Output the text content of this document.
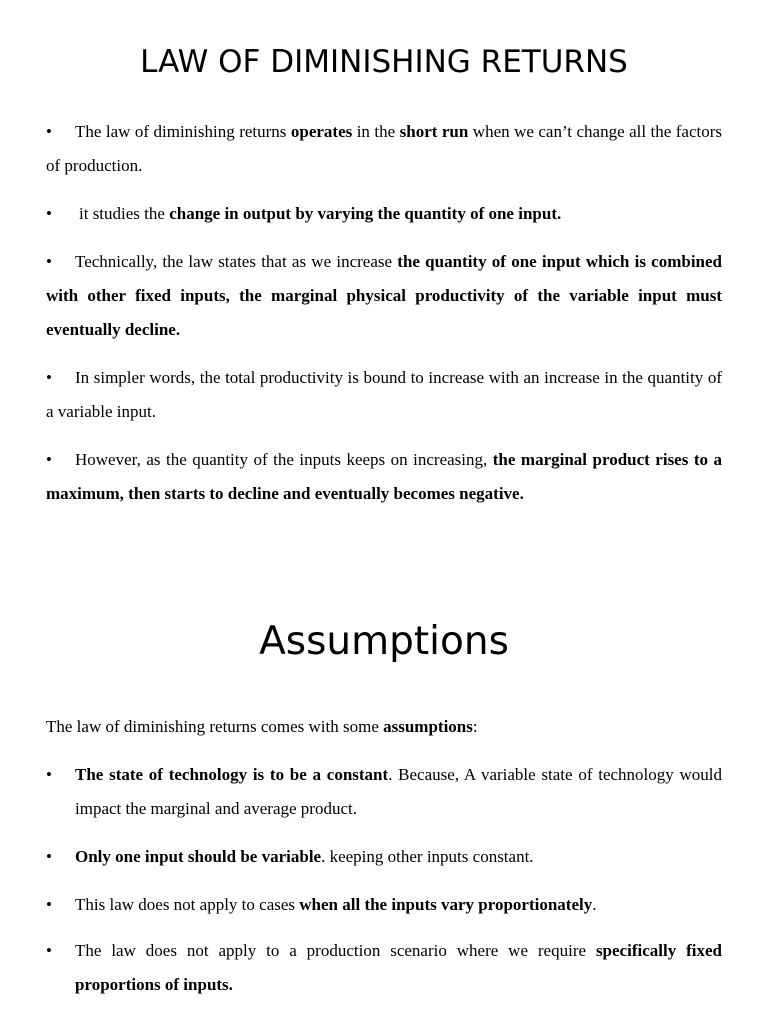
LAW OF DIMINISHING RETURNS

• The law of diminishing returns operates in the short run when we can’t change all the factors of production.

• it studies the change in output by varying the quantity of one input.

• Technically, the law states that as we increase the quantity of one input which is combined with other fixed inputs, the marginal physical productivity of the variable input must eventually decline.

• In simpler words, the total productivity is bound to increase with an increase in the quantity of a variable input.

• However, as the quantity of the inputs keeps on increasing, the marginal product rises to a maximum, then starts to decline and eventually becomes negative.

Assumptions

The law of diminishing returns comes with some assumptions:

• The state of technology is to be a constant. Because, A variable state of technology would impact the marginal and average product.

• Only one input should be variable. keeping other inputs constant.

• This law does not apply to cases when all the inputs vary proportionately.

• The law does not apply to a production scenario where we require specifically fixed proportions of inputs.
